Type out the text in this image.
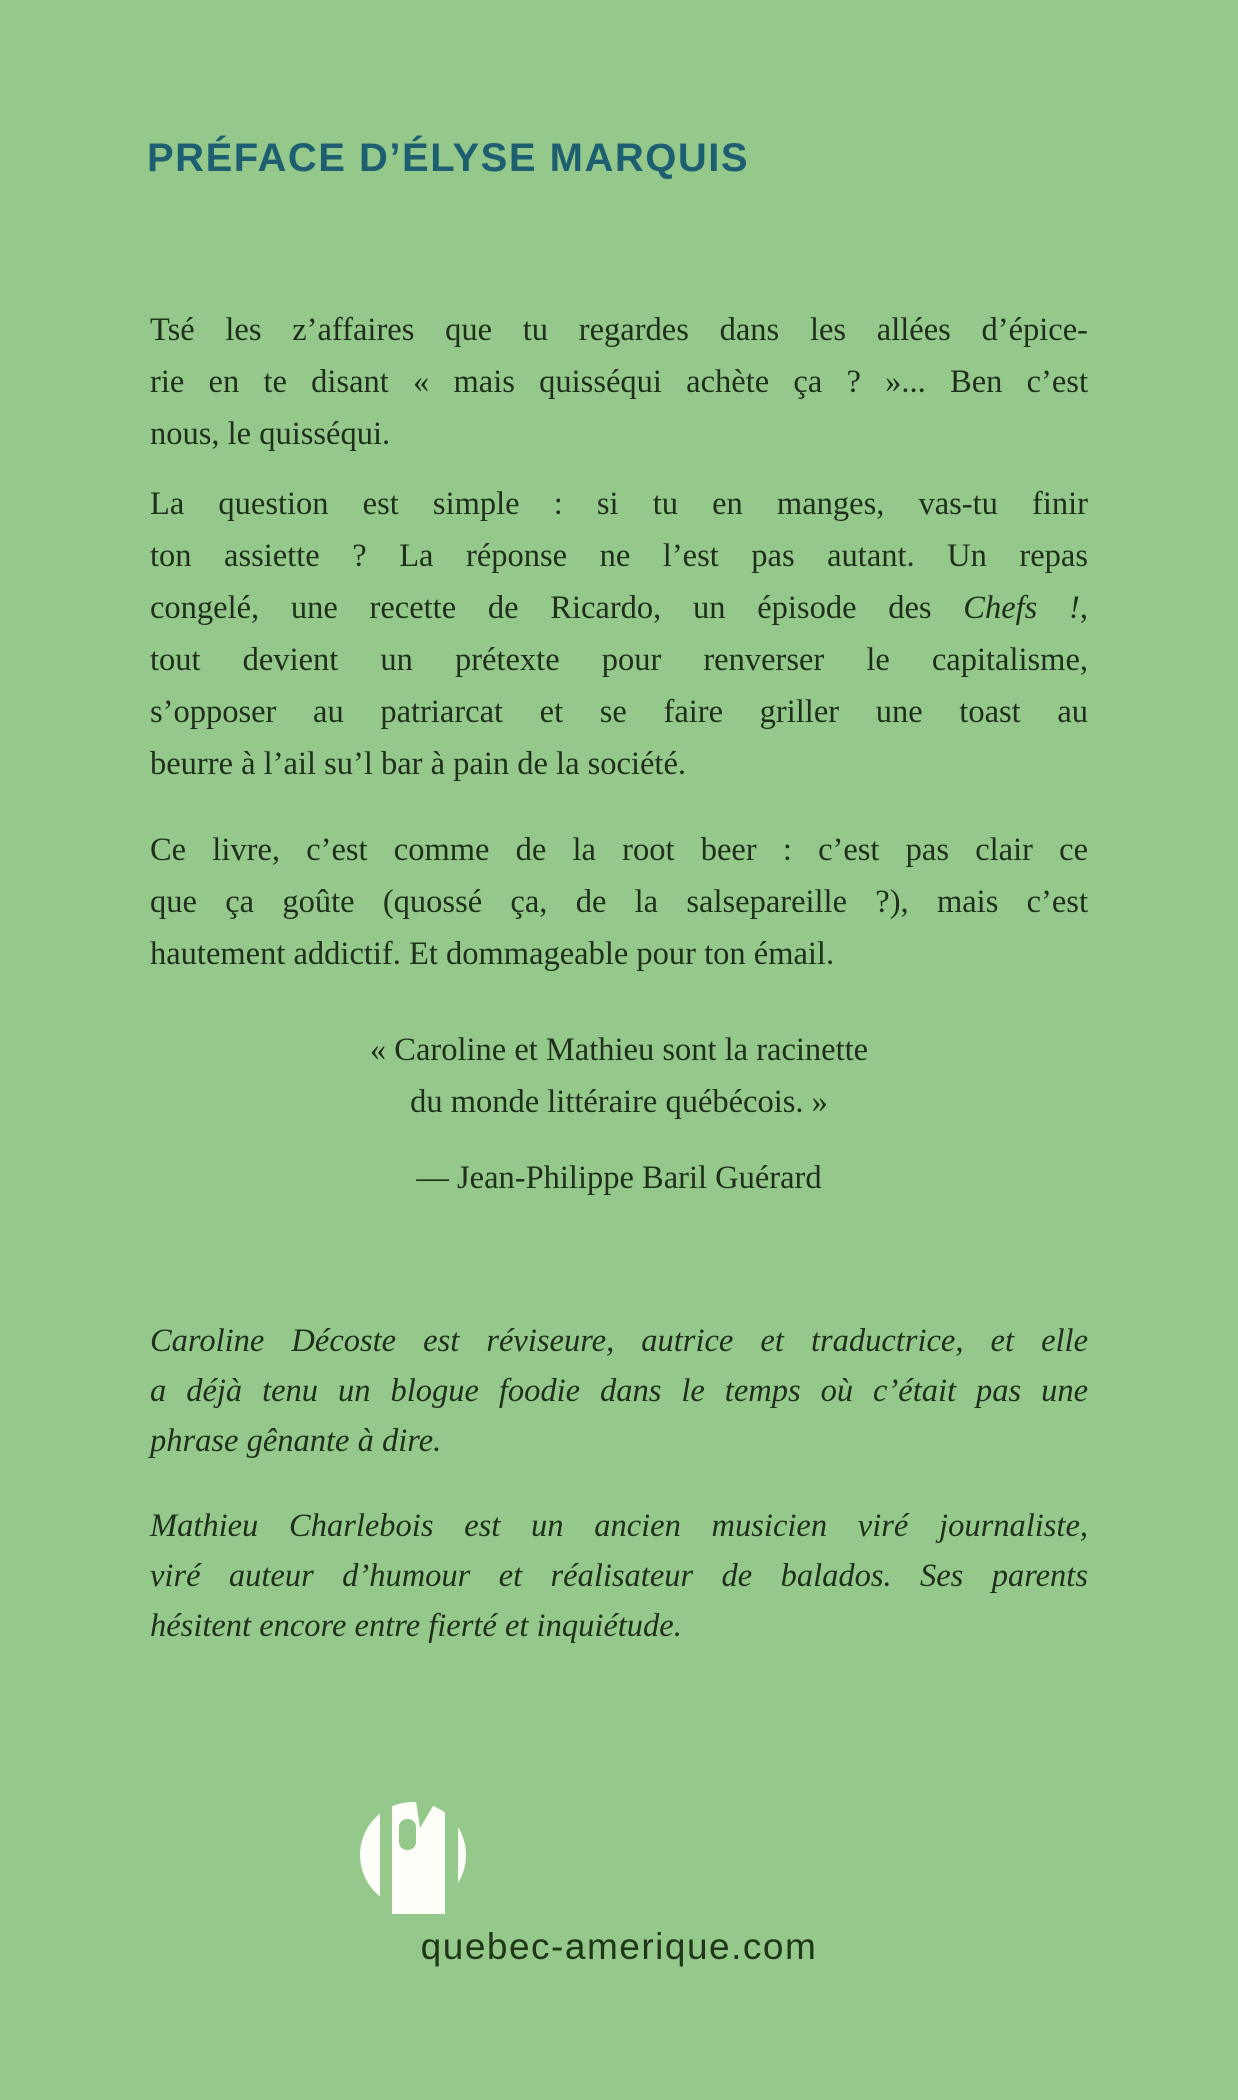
PRÉFACE D’ÉLYSE MARQUIS
Tsé les z’affaires que tu regardes dans les allées d’épice-
rie en te disant « mais quisséqui achète ça ? »... Ben c’est
nous, le quisséqui.
La question est simple : si tu en manges, vas-tu finir
ton assiette ? La réponse ne l’est pas autant. Un repas
congelé, une recette de Ricardo, un épisode des Chefs !,
tout devient un prétexte pour renverser le capitalisme,
s’opposer au patriarcat et se faire griller une toast au
beurre à l’ail su’l bar à pain de la société.
Ce livre, c’est comme de la root beer : c’est pas clair ce
que ça goûte (quossé ça, de la salsepareille ?), mais c’est
hautement addictif. Et dommageable pour ton émail.
« Caroline et Mathieu sont la racinette
du monde littéraire québécois. »
— Jean-Philippe Baril Guérard
Caroline Décoste est réviseure, autrice et traductrice, et elle
a déjà tenu un blogue foodie dans le temps où c’était pas une
phrase gênante à dire.
Mathieu Charlebois est un ancien musicien viré journaliste,
viré auteur d’humour et réalisateur de balados. Ses parents
hésitent encore entre fierté et inquiétude.
quebec-amerique.com
